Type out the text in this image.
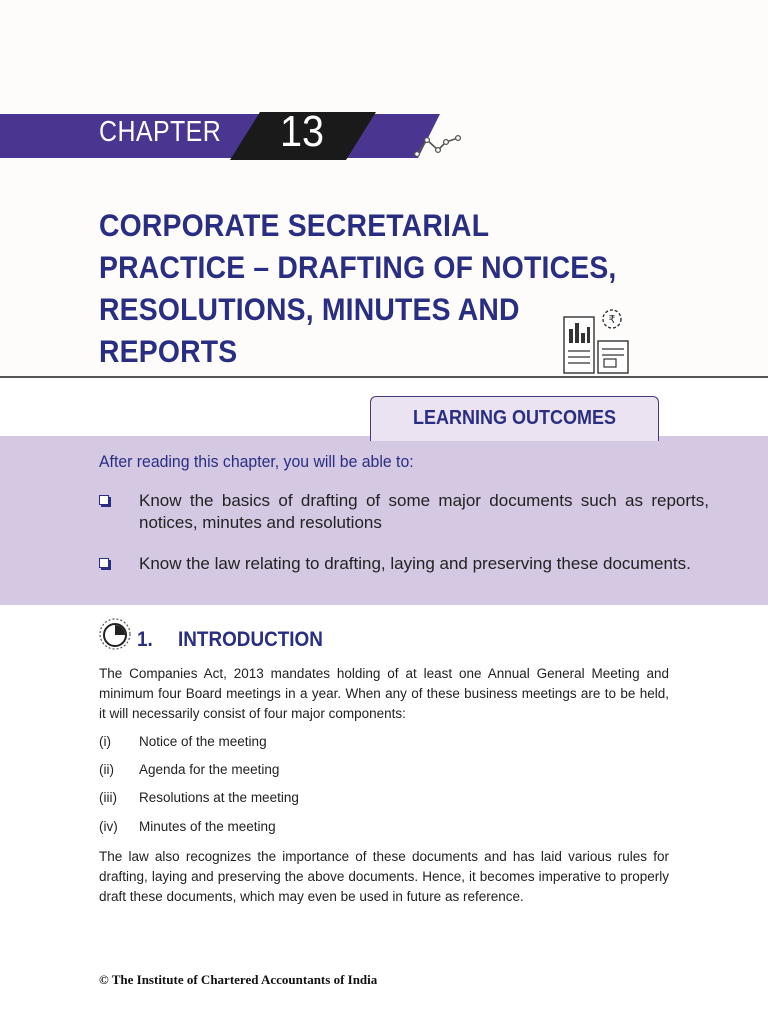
CHAPTER 13
CORPORATE SECRETARIAL
PRACTICE – DRAFTING OF NOTICES,
RESOLUTIONS, MINUTES AND
REPORTS
₹
LEARNING OUTCOMES
After reading this chapter, you will be able to:
Know the basics of drafting of some major documents such as reports, notices, minutes and resolutions
Know the law relating to drafting, laying and preserving these documents.
1. INTRODUCTION

The Companies Act, 2013 mandates holding of at least one Annual General Meeting and minimum four Board meetings in a year. When any of these business meetings are to be held, it will necessarily consist of four major components:

(i) Notice of the meeting
(ii) Agenda for the meeting
(iii) Resolutions at the meeting
(iv) Minutes of the meeting

The law also recognizes the importance of these documents and has laid various rules for drafting, laying and preserving the above documents. Hence, it becomes imperative to properly draft these documents, which may even be used in future as reference.

© The Institute of Chartered Accountants of India
